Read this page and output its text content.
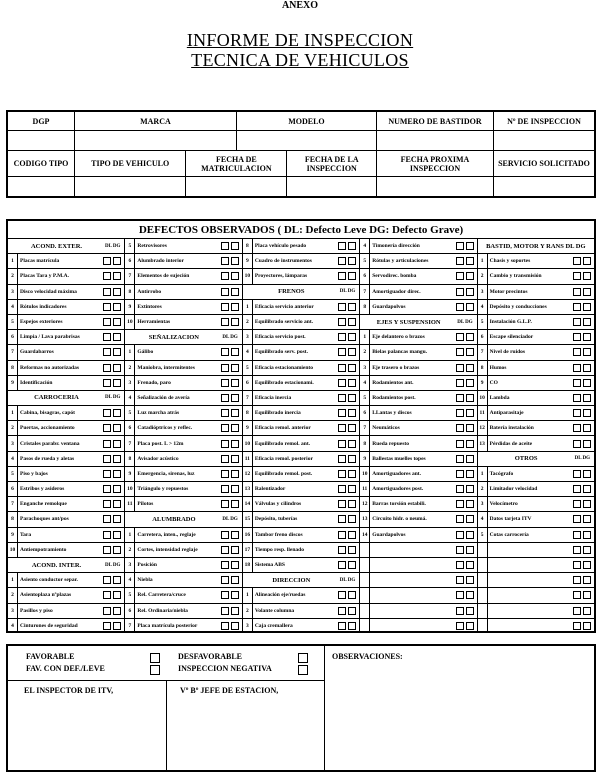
ANEXO
INFORME DE INSPECCION
TECNICA DE VEHICULOS
DGP	MARCA		MODELO		NUMERO DE BASTIDOR	Nº DE INSPECCION

CODIGO TIPO	TIPO DE VEHICULO	FECHA DE MATRICULACION		FECHA DE LA INSPECCION	FECHA PROXIMA INSPECCION	SERVICIO SOLICITADO

DEFECTOS OBSERVADOS ( DL: Defecto Leve DG: Defecto Grave)
ACOND. EXTER.	DL DG
1	Placas matrícula
2	Placas Tara y P.M.A.
3	Disco velocidad máxima
4	Rótulos indicadores
5	Espejos exteriores
6	Limpia / Lava parabrisas
7	Guardabarros
8	Reformas no autorizadas
9	Identificación
CARROCERIA	DL DG
1	Cabina, bisagras, capót
2	Puertas, accionamiento
3	Cristales parabr. ventana
4	Pasos de rueda y aletas
5	Piso y bajos
6	Estribos y asideros
7	Enganche remolque
8	Parachoques ant/pos
9	Tara
10 Antiempotramiento
ACOND. INTER.	DL DG
1	Asiento conductor separ.
2	Asientoplaza nºplazas
3	Pasillos y piso
4	Cinturones de seguridad
5	Retrovisores
6	Alumbrado interior
7	Elementos de sujeción
8	Antirrobo
9	Extintores
10 Herramientas
SEÑALIZACION	DL DG
1	Gálibo
2	Maniobra, intermitentes
3	Frenado, paro
4	Señalización de avería
5	Luz marcha atrás
6	Catadióptricos y reflec.
7	Placa post. L > 12m
8	Avisador acústico
9	Emergencia, sirenas, luz
10 Triángulo y repuestos
11 Pilotos
ALUMBRADO	DL DG
1	Carretera, inten., reglaje
2	Cortes, intensidad reglaje
3	Posición
4	Niebla
5	Rel. Carretera/cruce
6	Rel. Ordinaria/niebla
7	Placa matrícula posterior
8	Placa vehículo pesado
9	Cuadro de instrumentos
10 Proyectores, lámparas
FRENOS	DL DG
1	Eficacia servicio anterior
2	Equilibrado servicio ant.
3	Eficacia servicio post.
4	Equilibrado serv. post.
5	Eficacia estacionamiento
6	Equilibrado estacionami.
7	Eficacia inercia
8	Equilibrado inercia
9	Eficacia remol. anterior
10 Equilibrado remol. ant.
11 Eficacia remol. posterior
12 Equilibrado remol. post.
13 Ralentizador
14 Válvulas y cilindros
15 Depósito, tuberías
16 Tambor freno discos
17 Tiempo resp. llenado
18 Sistema ABS
DIRECCION	DL DG
1	Alineación eje/ruedas
2	Volante columna
3	Caja cremallera
4	Timonería dirección
5	Rótulas y articulaciones
6	Servodirec. bomba
7	Amortiguador direc.
8	Guardapolvos
EJES Y SUSPENSION	DL DG
1	Eje delantero o brazos
2	Bielas palancas mangu.
3	Eje trasero o brazos
4	Rodamientos ant.
5	Rodamientos post.
6	LLantas y discos
7	Neumáticos
8	Rueda repuesto
9	Ballestas muelles topes
10 Amortiguadores ant.
11 Amortiguadores post.
12 Barras torsión estabili.
13 Circuito hidr. o neumá.
14 Guardapolvos
BASTID, MOTOR Y RANS DL DG
1	Chasis y soportes
2	Cambio y transmisión
3	Motor precintos
4	Depósito y conducciones
5	Instalación G.L.P.
6	Escape silenciador
7	Nivel de ruidos
8	Humos
9	CO
10 Lambda
11 Antiparasitaje
12 Batería instalación
13 Pérdidas de aceite
OTROS	DL DG
1	Tacógrafo
2	Limitador velocidad
3	Velocímetro
4	Datos tarjeta ITV
5	Cotas carrocería
FAVORABLE
FAV. CON DEF./LEVE
DESFAVORABLE
INSPECCION NEGATIVA
EL INSPECTOR DE ITV,	Vº Bº JEFE DE ESTACION,
OBSERVACIONES:
